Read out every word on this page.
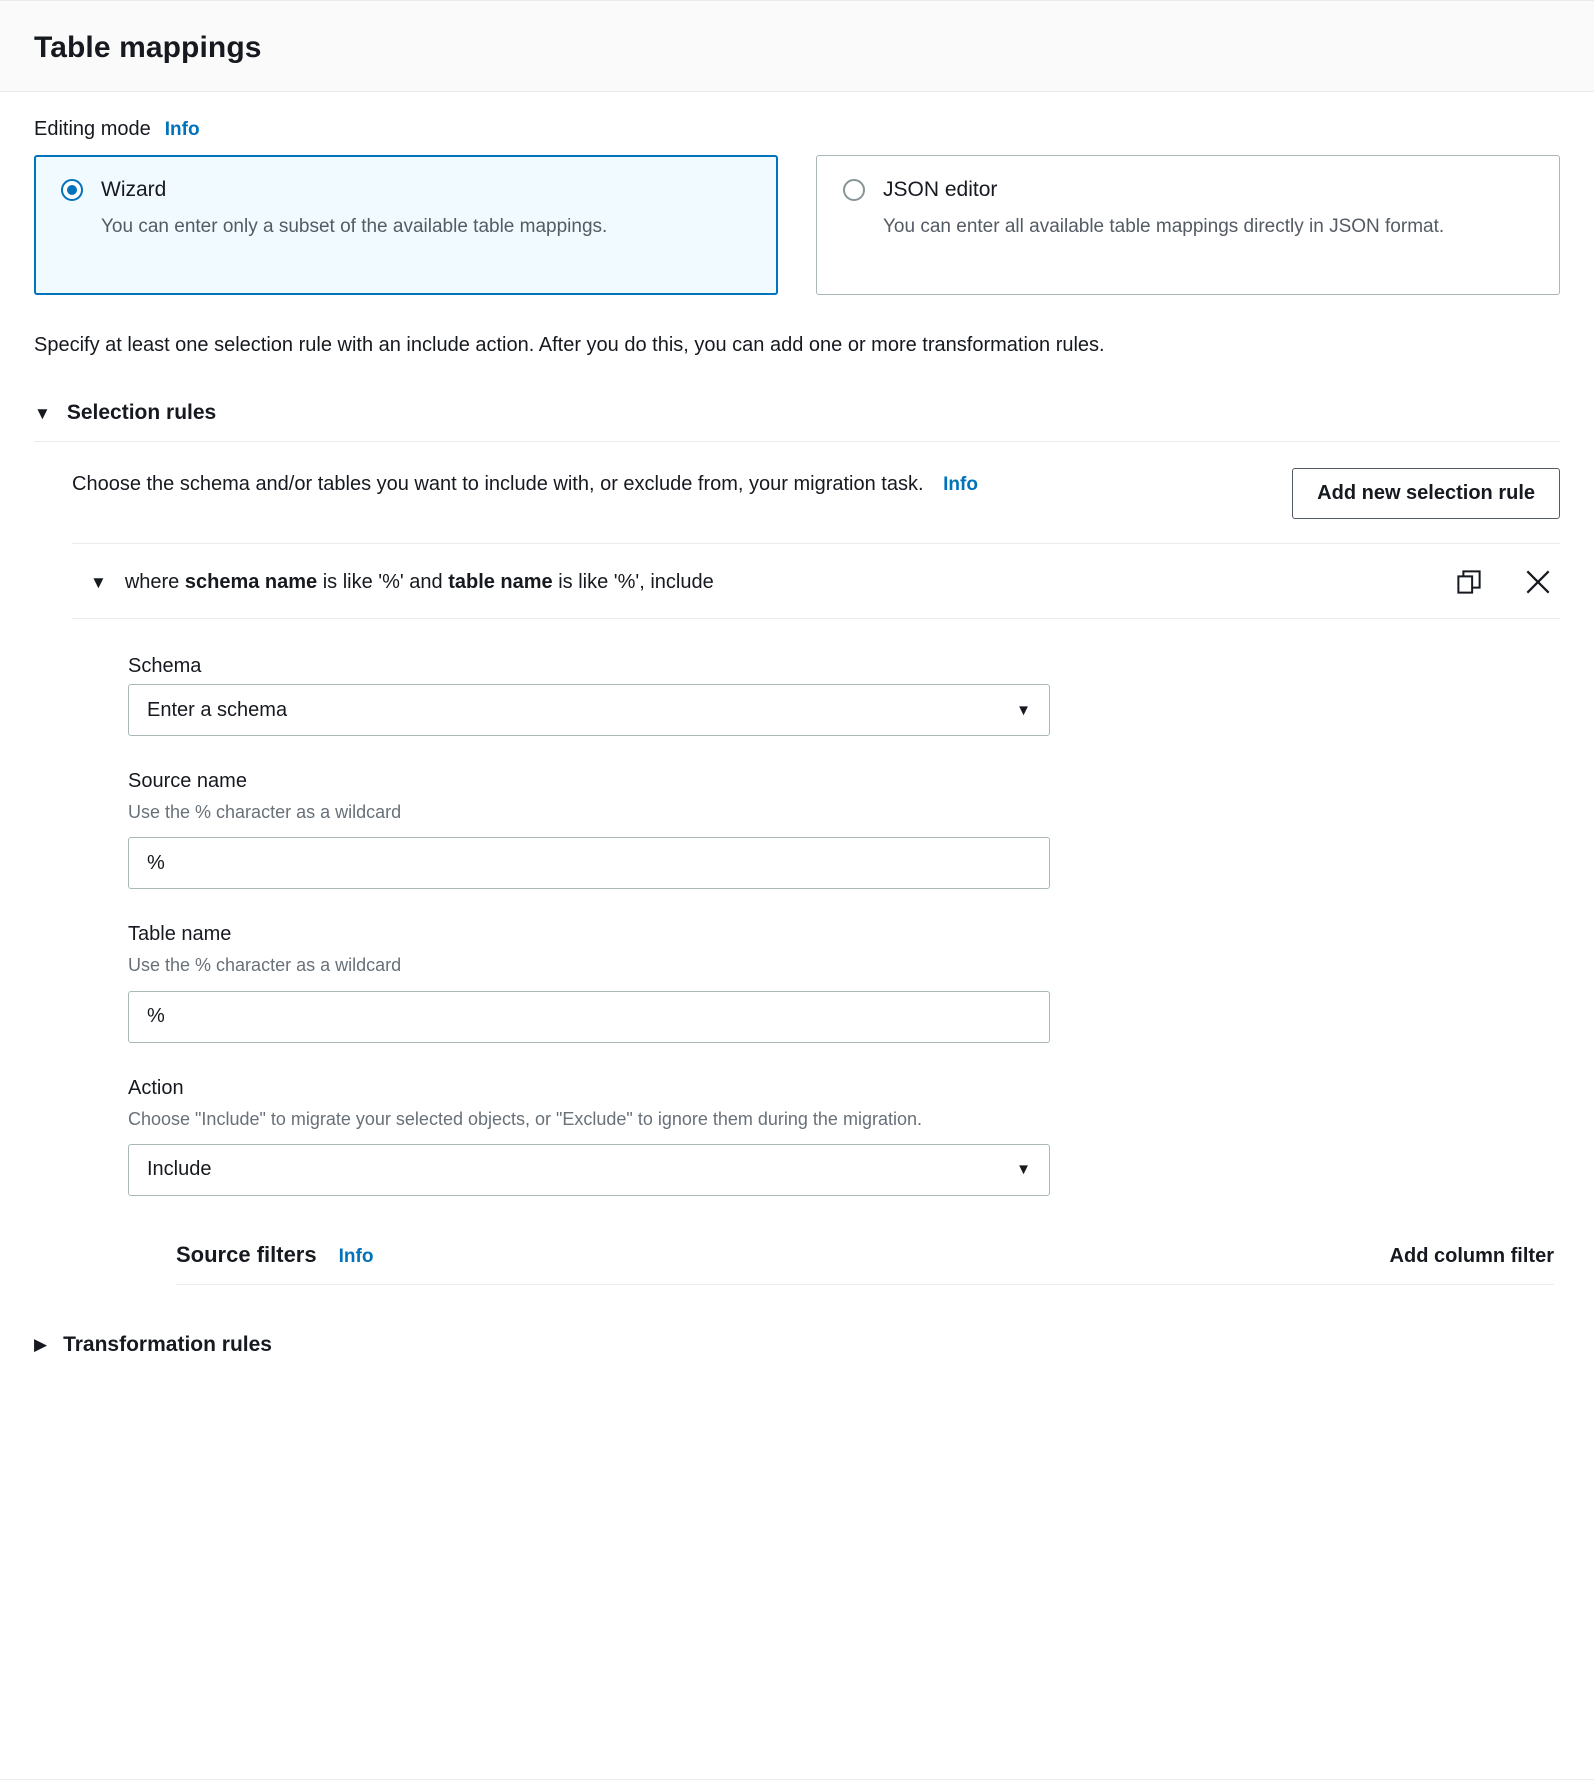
Table mappings
Editing mode Info
Wizard
You can enter only a subset of the available table mappings.
JSON editor
You can enter all available table mappings directly in JSON format.
Specify at least one selection rule with an include action. After you do this, you can add one or more transformation rules.
▼ Selection rules
Choose the schema and/or tables you want to include with, or exclude from, your migration task. Info	Add new selection rule
▼ where schema name is like '%' and table name is like '%', include
Schema
Enter a schema	▼
Source name
Use the % character as a wildcard
%
Table name
Use the % character as a wildcard
%
Action
Choose "Include" to migrate your selected objects, or "Exclude" to ignore them during the migration.
Include	▼
Source filters Info	Add column filter
▶ Transformation rules
